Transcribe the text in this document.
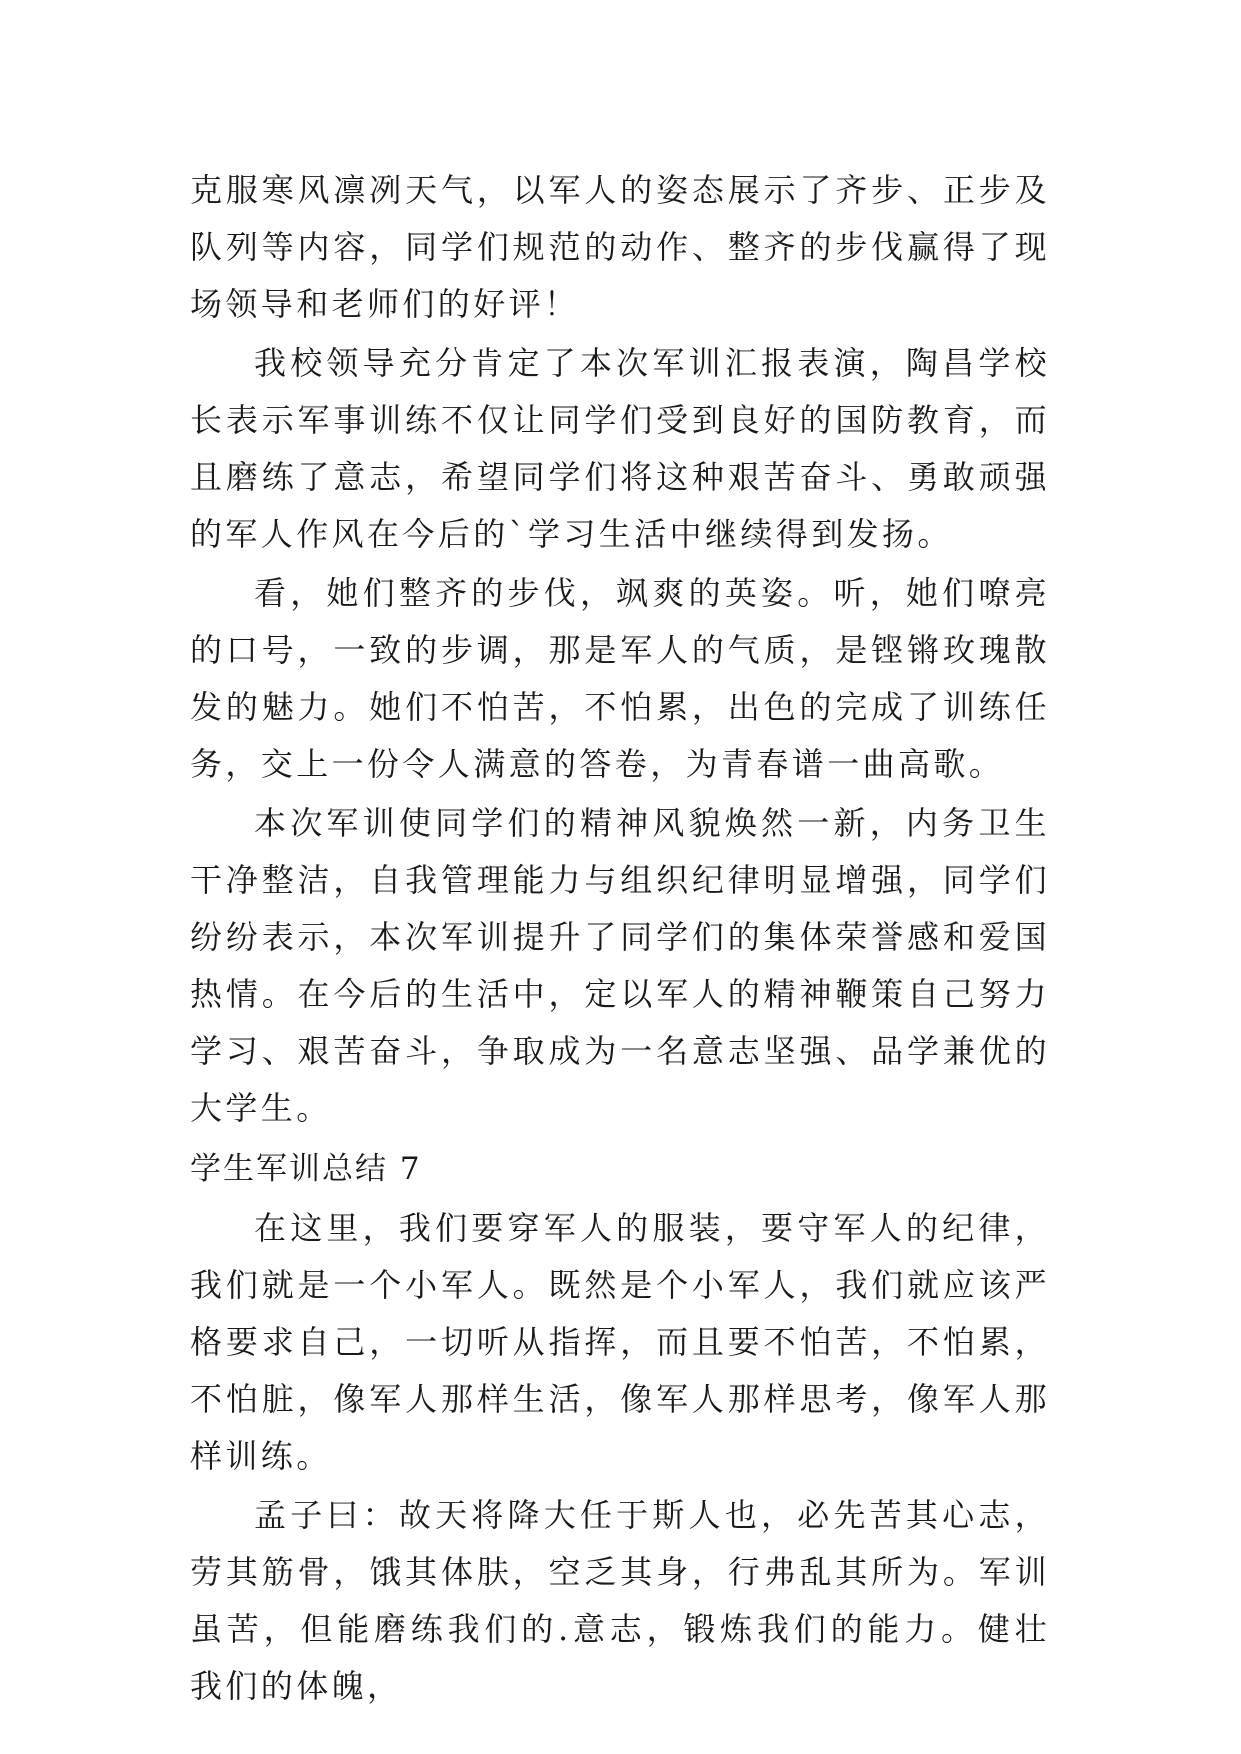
克服寒风凛冽天气，以军人的姿态展示了齐步、正步及队列等内容，同学们规范的动作、整齐的步伐赢得了现场领导和老师们的好评！

我校领导充分肯定了本次军训汇报表演，陶昌学校长表示军事训练不仅让同学们受到良好的国防教育，而且磨练了意志，希望同学们将这种艰苦奋斗、勇敢顽强的军人作风在今后的`学习生活中继续得到发扬。

看，她们整齐的步伐，飒爽的英姿。听，她们嘹亮的口号，一致的步调，那是军人的气质，是铿锵玫瑰散发的魅力。她们不怕苦，不怕累，出色的完成了训练任务，交上一份令人满意的答卷，为青春谱一曲高歌。

本次军训使同学们的精神风貌焕然一新，内务卫生干净整洁，自我管理能力与组织纪律明显增强，同学们纷纷表示，本次军训提升了同学们的集体荣誉感和爱国热情。在今后的生活中，定以军人的精神鞭策自己努力学习、艰苦奋斗，争取成为一名意志坚强、品学兼优的大学生。

学生军训总结 7

在这里，我们要穿军人的服装，要守军人的纪律，我们就是一个小军人。既然是个小军人，我们就应该严格要求自己，一切听从指挥，而且要不怕苦，不怕累，不怕脏，像军人那样生活，像军人那样思考，像军人那样训练。

孟子曰：故天将降大任于斯人也，必先苦其心志，劳其筋骨，饿其体肤，空乏其身，行弗乱其所为。军训虽苦，但能磨练我们的.意志，锻炼我们的能力。健壮我们的体魄，
